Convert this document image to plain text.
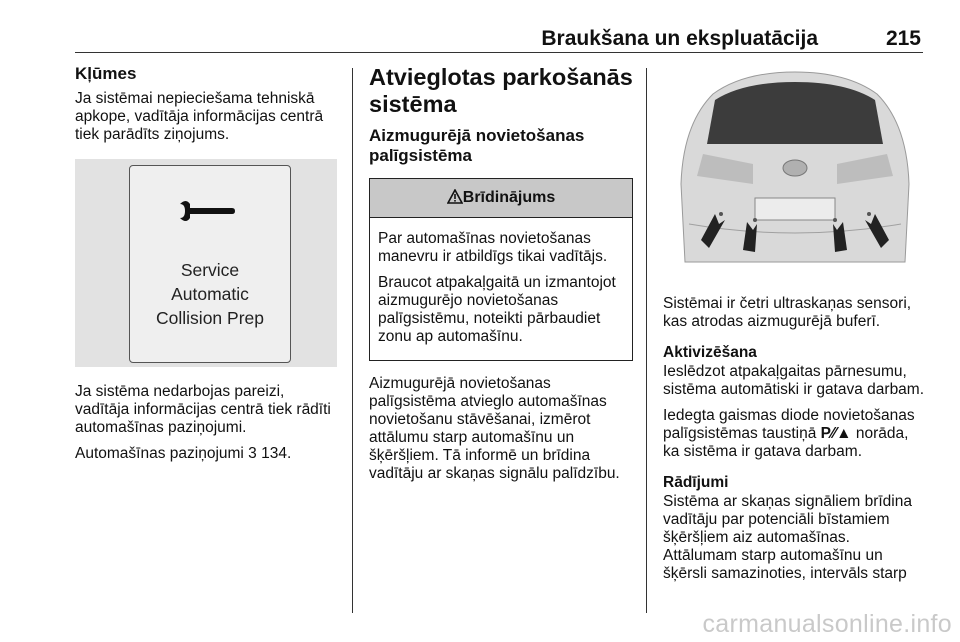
Braukšana un ekspluatācija	215
Kļūmes

Ja sistēmai nepieciešama tehniskā apkope, vadītāja informācijas centrā tiek parādīts ziņojums.

Service
Automatic
Collision Prep

Ja sistēma nedarbojas pareizi, vadītāja informācijas centrā tiek rādīti automašīnas paziņojumi.

Automašīnas paziņojumi 3 134.

Atvieglotas parkošanās sistēma
Aizmugurējā novietošanas palīgsistēma
Brīdinājums

Par automašīnas novietošanas manevru ir atbildīgs tikai vadītājs.

Braucot atpakaļgaitā un izmantojot aizmugurējo novietošanas palīgsistēmu, noteikti pārbaudiet zonu ap automašīnu.

Aizmugurējā novietošanas palīgsistēma atvieglo automašīnas novietošanu stāvēšanai, izmērot attālumu starp automašīnu un šķēršļiem. Tā informē un brīdina vadītāju ar skaņas signālu palīdzību.

Sistēmai ir četri ultraskaņas sensori, kas atrodas aizmugurējā buferī.

Aktivizēšana

Ieslēdzot atpakaļgaitas pārnesumu, sistēma automātiski ir gatava darbam.

Iedegta gaismas diode novietošanas palīgsistēmas taustiņā P⁄⁄▲ norāda, ka sistēma ir gatava darbam.

Rādījumi

Sistēma ar skaņas signāliem brīdina vadītāju par potenciāli bīstamiem šķēršļiem aiz automašīnas. Attālumam starp automašīnu un šķērsli samazinoties, intervāls starp

carmanualsonline.info
